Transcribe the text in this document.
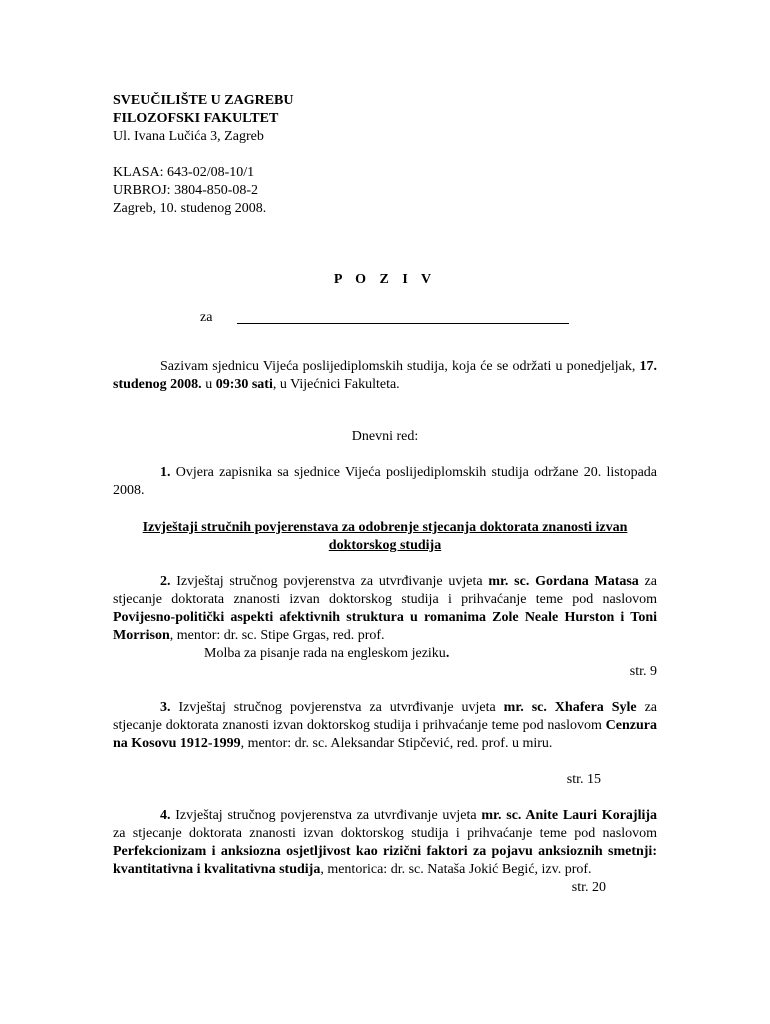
SVEUČILIŠTE U ZAGREBU
FILOZOFSKI FAKULTET
Ul. Ivana Lučića 3, Zagreb
KLASA: 643-02/08-10/1
URBROJ: 3804-850-08-2
Zagreb, 10. studenog 2008.
P O Z I V
za
Sazivam sjednicu Vijeća poslijediplomskih studija, koja će se održati u ponedjeljak, 17. studenog 2008. u 09:30 sati, u Vijećnici Fakulteta.
Dnevni red:
1. Ovjera zapisnika sa sjednice Vijeća poslijediplomskih studija održane 20. listopada 2008.
Izvještaji stručnih povjerenstava za odobrenje stjecanja doktorata znanosti izvan doktorskog studija
2. Izvještaj stručnog povjerenstva za utvrđivanje uvjeta mr. sc. Gordana Matasa za stjecanje doktorata znanosti izvan doktorskog studija i prihvaćanje teme pod naslovom Povijesno-politički aspekti afektivnih struktura u romanima Zole Neale Hurston i Toni Morrison, mentor: dr. sc. Stipe Grgas, red. prof.
Molba za pisanje rada na engleskom jeziku.
str. 9
3. Izvještaj stručnog povjerenstva za utvrđivanje uvjeta mr. sc. Xhafera Syle za stjecanje doktorata znanosti izvan doktorskog studija i prihvaćanje teme pod naslovom Cenzura na Kosovu 1912-1999, mentor: dr. sc. Aleksandar Stipčević, red. prof. u miru.
str. 15
4. Izvještaj stručnog povjerenstva za utvrđivanje uvjeta mr. sc. Anite Lauri Korajlija za stjecanje doktorata znanosti izvan doktorskog studija i prihvaćanje teme pod naslovom Perfekcionizam i anksiozna osjetljivost kao rizični faktori za pojavu anksioznih smetnji: kvantitativna i kvalitativna studija, mentorica: dr. sc. Nataša Jokić Begić, izv. prof.
str. 20
